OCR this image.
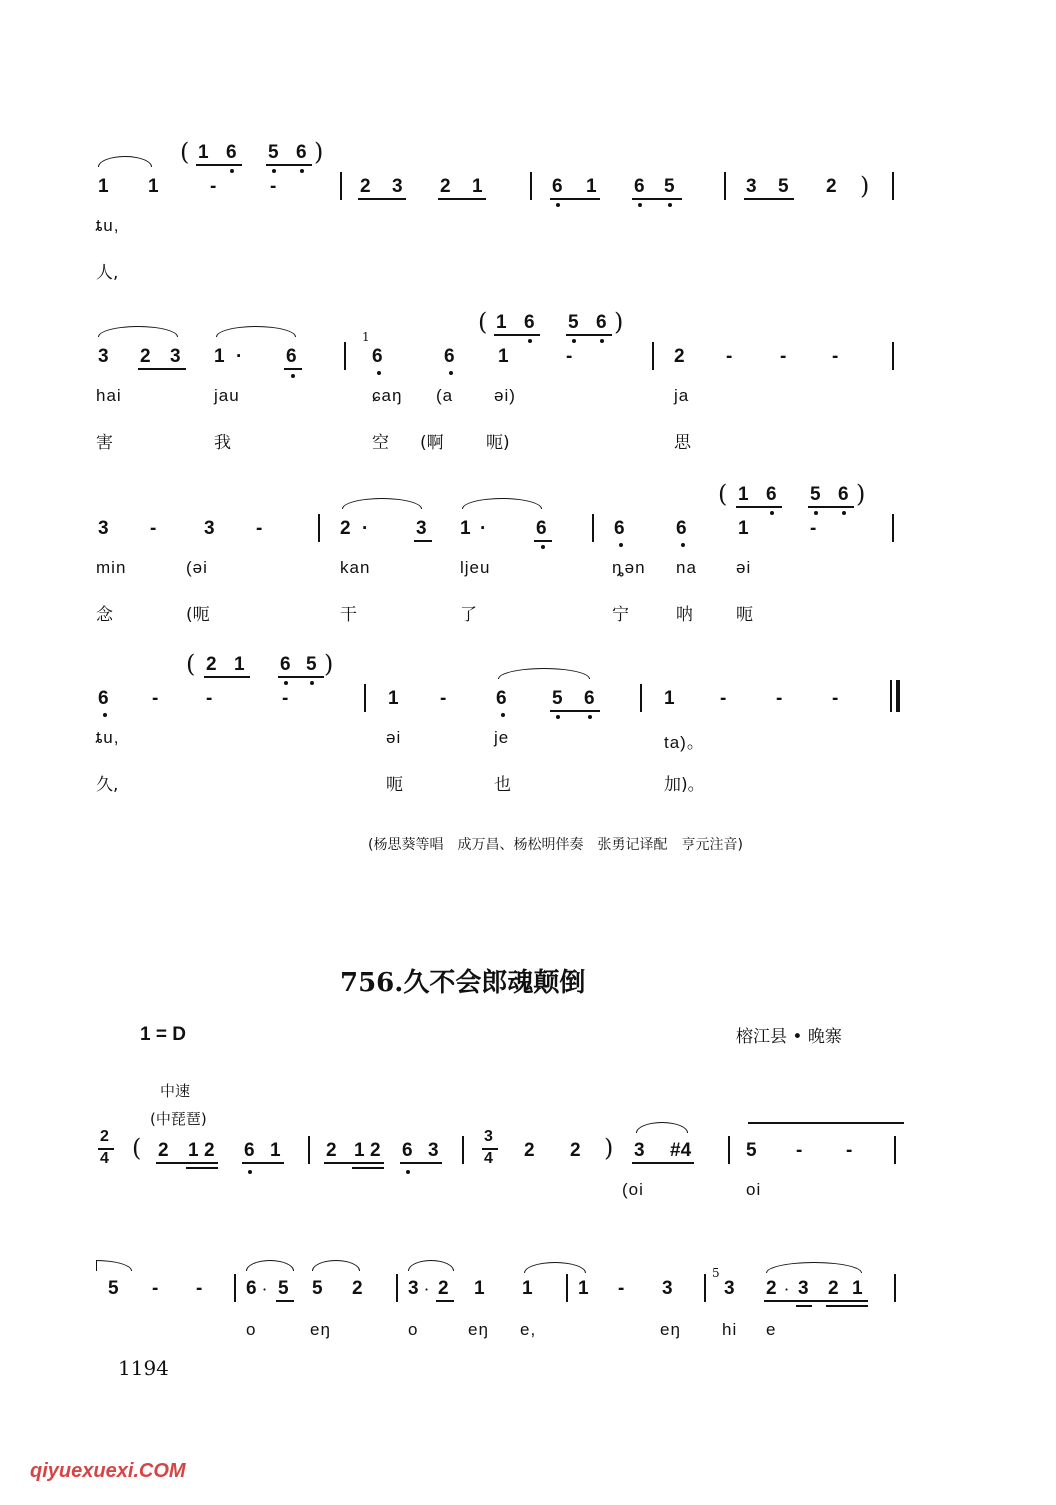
( 1 6 5 6 )
1 1	-	-	2 3 2 1	6 1 6 5	3 5 2 )
ȶu,
人,
( 1 6 5 6 )
3 2 3 1 · 6
1
6	6 1	-	2 -	- -
hai	jau	ɕaŋ (a əi)	ja
害	我	空 (啊 呃)	思
( 1 6 5 6 )
3 -	3 -	2 ·	3 1 ·	6	6	6	1	-
min	(əi	kan	ljeu	ȵən na əi
念	(呃	干	了	宁	呐	呃
( 2 1 6 5 )
6 -	-	-	1 -	6 5 6	1 -	-	-
ȶu,	əi	je	ta)。
久,	呃	也	加)。
(杨思葵等唱　成万昌、杨松明伴奏　张勇记译配　亨元注音)
756.久不会郎魂颠倒
1 = D	榕江县 • 晚寨
中速
(中琵琶)
2
4 ( 2 1 2 6 1 2 1 2 6 3
3
4 2 2 ) 3 #4	5 - -
(oi	oi
5 - - 6 · 5 5 2 3 · 2 1 1 1 - 3
5
3 2 · 3 2 1
o	eŋ	o	eŋ e,	eŋ hi e
1194
qiyuexuexi.COM
